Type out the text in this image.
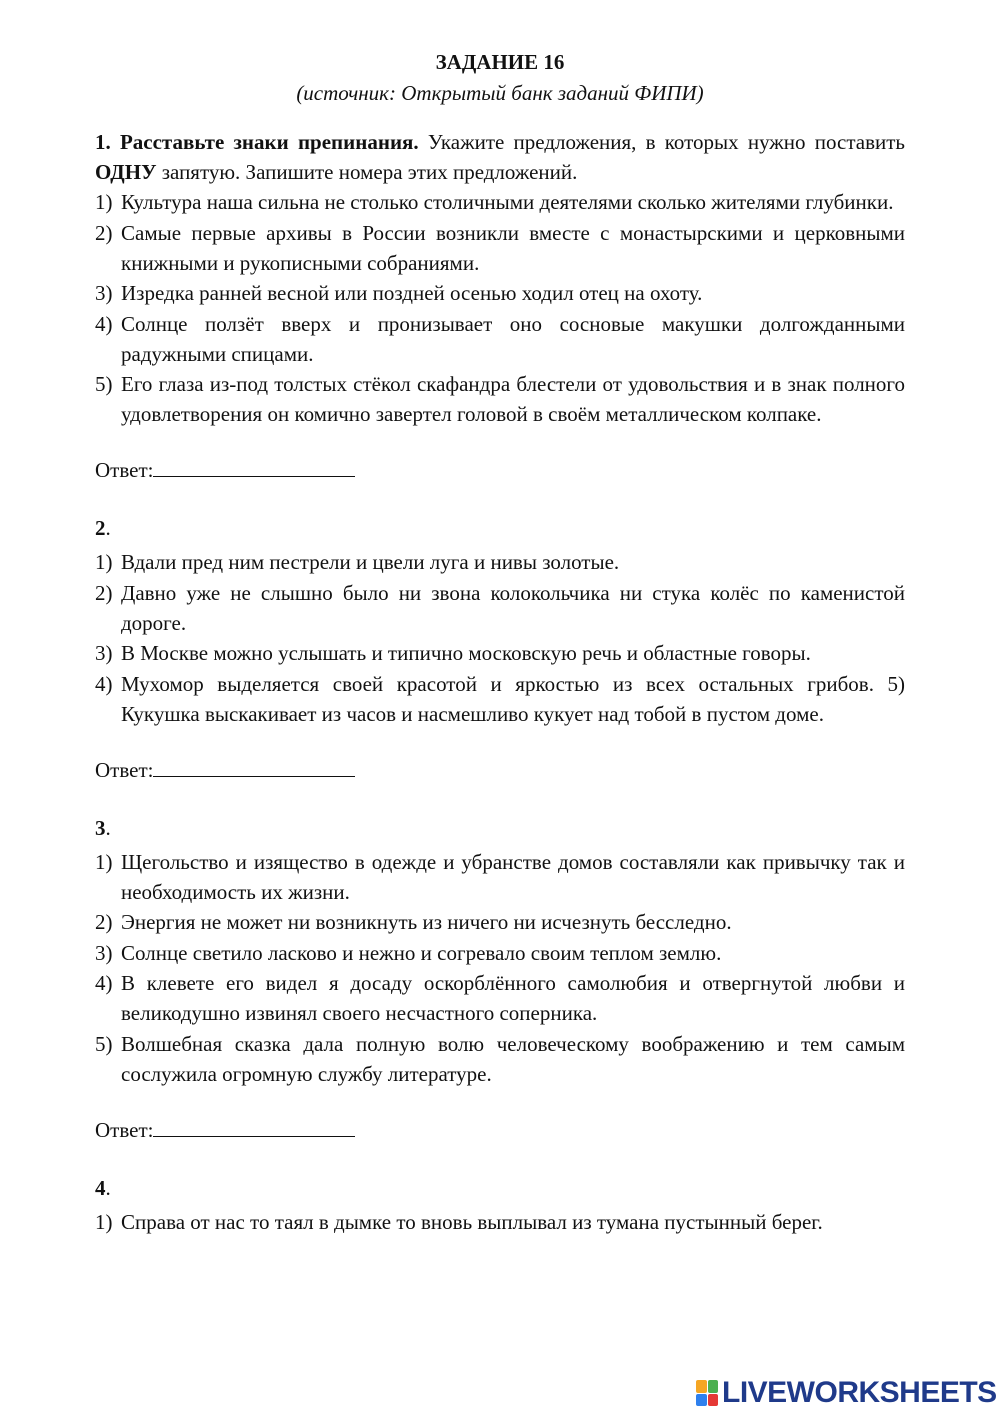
ЗАДАНИЕ 16

(источник: Открытый банк заданий ФИПИ)

1. Расставьте знаки препинания. Укажите предложения, в которых нужно поставить ОДНУ запятую. Запишите номера этих предложений.

1) Культура наша сильна не столько столичными деятелями сколько жителями глубинки.
2) Самые первые архивы в России возникли вместе с монастырскими и церковными книжными и рукописными собраниями.
3) Изредка ранней весной или поздней осенью ходил отец на охоту.
4) Солнце ползёт вверх и пронизывает оно сосновые макушки долгожданными радужными спицами.
5) Его глаза из-под толстых стёкол скафандра блестели от удовольствия и в знак полного удовлетворения он комично завертел головой в своём металлическом колпаке.
Ответ:
2.
1) Вдали пред ним пестрели и цвели луга и нивы золотые.
2) Давно уже не слышно было ни звона колокольчика ни стука колёс по каменистой дороге.
3) В Москве можно услышать и типично московскую речь и областные говоры.
4) Мухомор выделяется своей красотой и яркостью из всех остальных грибов. 5) Кукушка выскакивает из часов и насмешливо кукует над тобой в пустом доме.
Ответ:
3.
1) Щегольство и изящество в одежде и убранстве домов составляли как привычку так и необходимость их жизни.
2) Энергия не может ни возникнуть из ничего ни исчезнуть бесследно.
3) Солнце светило ласково и нежно и согревало своим теплом землю.
4) В клевете его видел я досаду оскорблённого самолюбия и отвергнутой любви и великодушно извинял своего несчастного соперника.
5) Волшебная сказка дала полную волю человеческому воображению и тем самым сослужила огромную службу литературе.
Ответ:
4.
1) Справа от нас то таял в дымке то вновь выплывал из тумана пустынный берег.
LIVEWORKSHEETS
